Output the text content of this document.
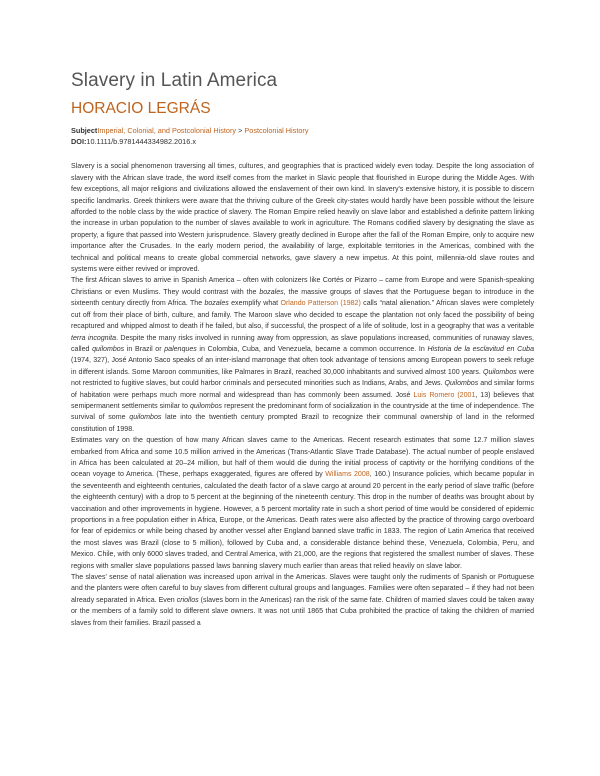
Slavery in Latin America
HORACIO LEGRÁS
SubjectImperial, Colonial, and Postcolonial History > Postcolonial History
DOI:10.1111/b.9781444334982.2016.x

Slavery is a social phenomenon traversing all times, cultures, and geographies that is practiced widely even today. Despite the long association of slavery with the African slave trade, the word itself comes from the market in Slavic people that flourished in Europe during the Middle Ages. With few exceptions, all major religions and civilizations allowed the enslavement of their own kind. In slavery's extensive history, it is possible to discern specific landmarks. Greek thinkers were aware that the thriving culture of the Greek city-states would hardly have been possible without the leisure afforded to the noble class by the wide practice of slavery. The Roman Empire relied heavily on slave labor and established a definite pattern linking the increase in urban population to the number of slaves available to work in agriculture. The Romans codified slavery by designating the slave as property, a figure that passed into Western jurisprudence. Slavery greatly declined in Europe after the fall of the Roman Empire, only to acquire new importance after the Crusades. In the early modern period, the availability of large, exploitable territories in the Americas, combined with the technical and political means to create global commercial networks, gave slavery a new impetus. At this point, millennia-old slave routes and systems were either revived or improved.

The first African slaves to arrive in Spanish America – often with colonizers like Cortés or Pizarro – came from Europe and were Spanish-speaking Christians or even Muslims. They would contrast with the bozales, the massive groups of slaves that the Portuguese began to introduce in the sixteenth century directly from Africa. The bozales exemplify what Orlando Patterson (1982) calls “natal alienation.” African slaves were completely cut off from their place of birth, culture, and family. The Maroon slave who decided to escape the plantation not only faced the possibility of being recaptured and whipped almost to death if he failed, but also, if successful, the prospect of a life of solitude, lost in a geography that was a veritable terra incognita. Despite the many risks involved in running away from oppression, as slave populations increased, communities of runaway slaves, called quilombos in Brazil or palenques in Colombia, Cuba, and Venezuela, became a common occurrence. In Historia de la esclavitud en Cuba (1974, 327), José Antonio Saco speaks of an inter-island marronage that often took advantage of tensions among European powers to seek refuge in different islands. Some Maroon communities, like Palmares in Brazil, reached 30,000 inhabitants and survived almost 100 years. Quilombos were not restricted to fugitive slaves, but could harbor criminals and persecuted minorities such as Indians, Arabs, and Jews. Quilombos and similar forms of habitation were perhaps much more normal and widespread than has commonly been assumed. José Luis Romero (2001, 13) believes that semipermanent settlements similar to quilombos represent the predominant form of socialization in the countryside at the time of independence. The survival of some quilombos late into the twentieth century prompted Brazil to recognize their communal ownership of land in the reformed constitution of 1998.

Estimates vary on the question of how many African slaves came to the Americas. Recent research estimates that some 12.7 million slaves embarked from Africa and some 10.5 million arrived in the Americas (Trans-Atlantic Slave Trade Database). The actual number of people enslaved in Africa has been calculated at 20–24 million, but half of them would die during the initial process of captivity or the horrifying conditions of the ocean voyage to America. (These, perhaps exaggerated, figures are offered by Williams 2008, 160.) Insurance policies, which became popular in the seventeenth and eighteenth centuries, calculated the death factor of a slave cargo at around 20 percent in the early period of slave traffic (before the eighteenth century) with a drop to 5 percent at the beginning of the nineteenth century. This drop in the number of deaths was brought about by vaccination and other improvements in hygiene. However, a 5 percent mortality rate in such a short period of time would be considered of epidemic proportions in a free population either in Africa, Europe, or the Americas. Death rates were also affected by the practice of throwing cargo overboard for fear of epidemics or while being chased by another vessel after England banned slave traffic in 1833. The region of Latin America that received the most slaves was Brazil (close to 5 million), followed by Cuba and, a considerable distance behind these, Venezuela, Colombia, Peru, and Mexico. Chile, with only 6000 slaves traded, and Central America, with 21,000, are the regions that registered the smallest number of slaves. These regions with smaller slave populations passed laws banning slavery much earlier than areas that relied heavily on slave labor.

The slaves' sense of natal alienation was increased upon arrival in the Americas. Slaves were taught only the rudiments of Spanish or Portuguese and the planters were often careful to buy slaves from different cultural groups and languages. Families were often separated – if they had not been already separated in Africa. Even criollos (slaves born in the Americas) ran the risk of the same fate. Children of married slaves could be taken away or the members of a family sold to different slave owners. It was not until 1865 that Cuba prohibited the practice of taking the children of married slaves from their families. Brazil passed a
